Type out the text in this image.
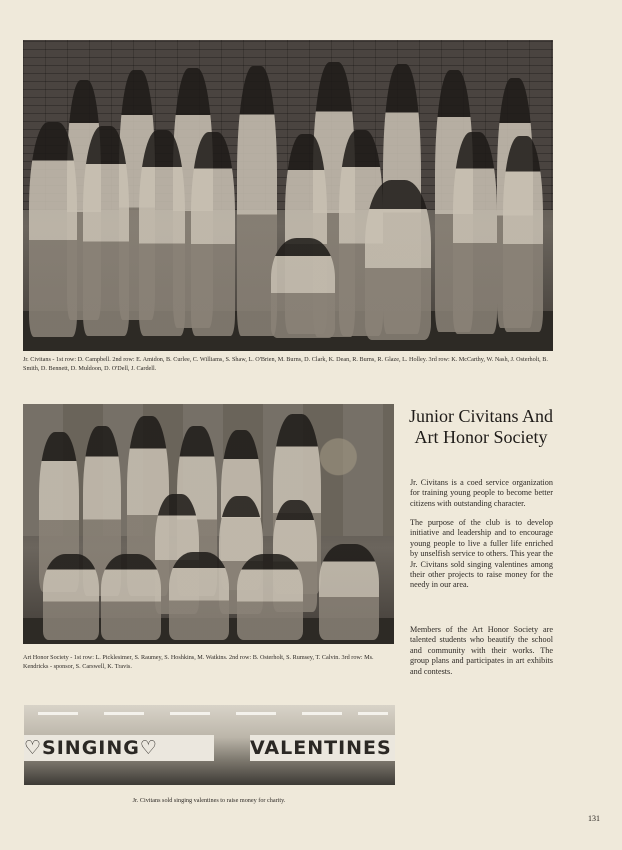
Jr. Civitans - 1st row: D. Campbell. 2nd row: E. Amidon, B. Curlee, C. Williams, S. Shaw, L. O'Brien, M. Burns, D. Clark, K. Dean, R. Burns, R. Glaze, L. Holley. 3rd row: K. McCarthy, W. Nash, J. Osterholt, B. Smith, D. Bennett, D. Muldoon, D. O'Dell, J. Cardell.
Art Honor Society - 1st row: L. Picklesimer, S. Raumey, S. Hoshkins, M. Watkins. 2nd row: B. Osterholt, S. Rumsey, T. Calvin. 3rd row: Ms. Kendricks - sponsor, S. Carswell, K. Travis.
Junior Civitans And Art Honor Society
Jr. Civitans is a coed service organization for training young people to become better citizens with outstanding character.
The purpose of the club is to develop initiative and leadership and to encourage young people to live a fuller life enriched by unselfish service to others. This year the Jr. Civitans sold singing valentines among their other projects to raise money for the needy in our area.
Members of the Art Honor Society are talented students who beautify the school and community with their works. The group plans and participates in art exhibits and contests.
♡SINGING♡	VALENTINES
Jr. Civitans sold singing valentines to raise money for charity.
131
